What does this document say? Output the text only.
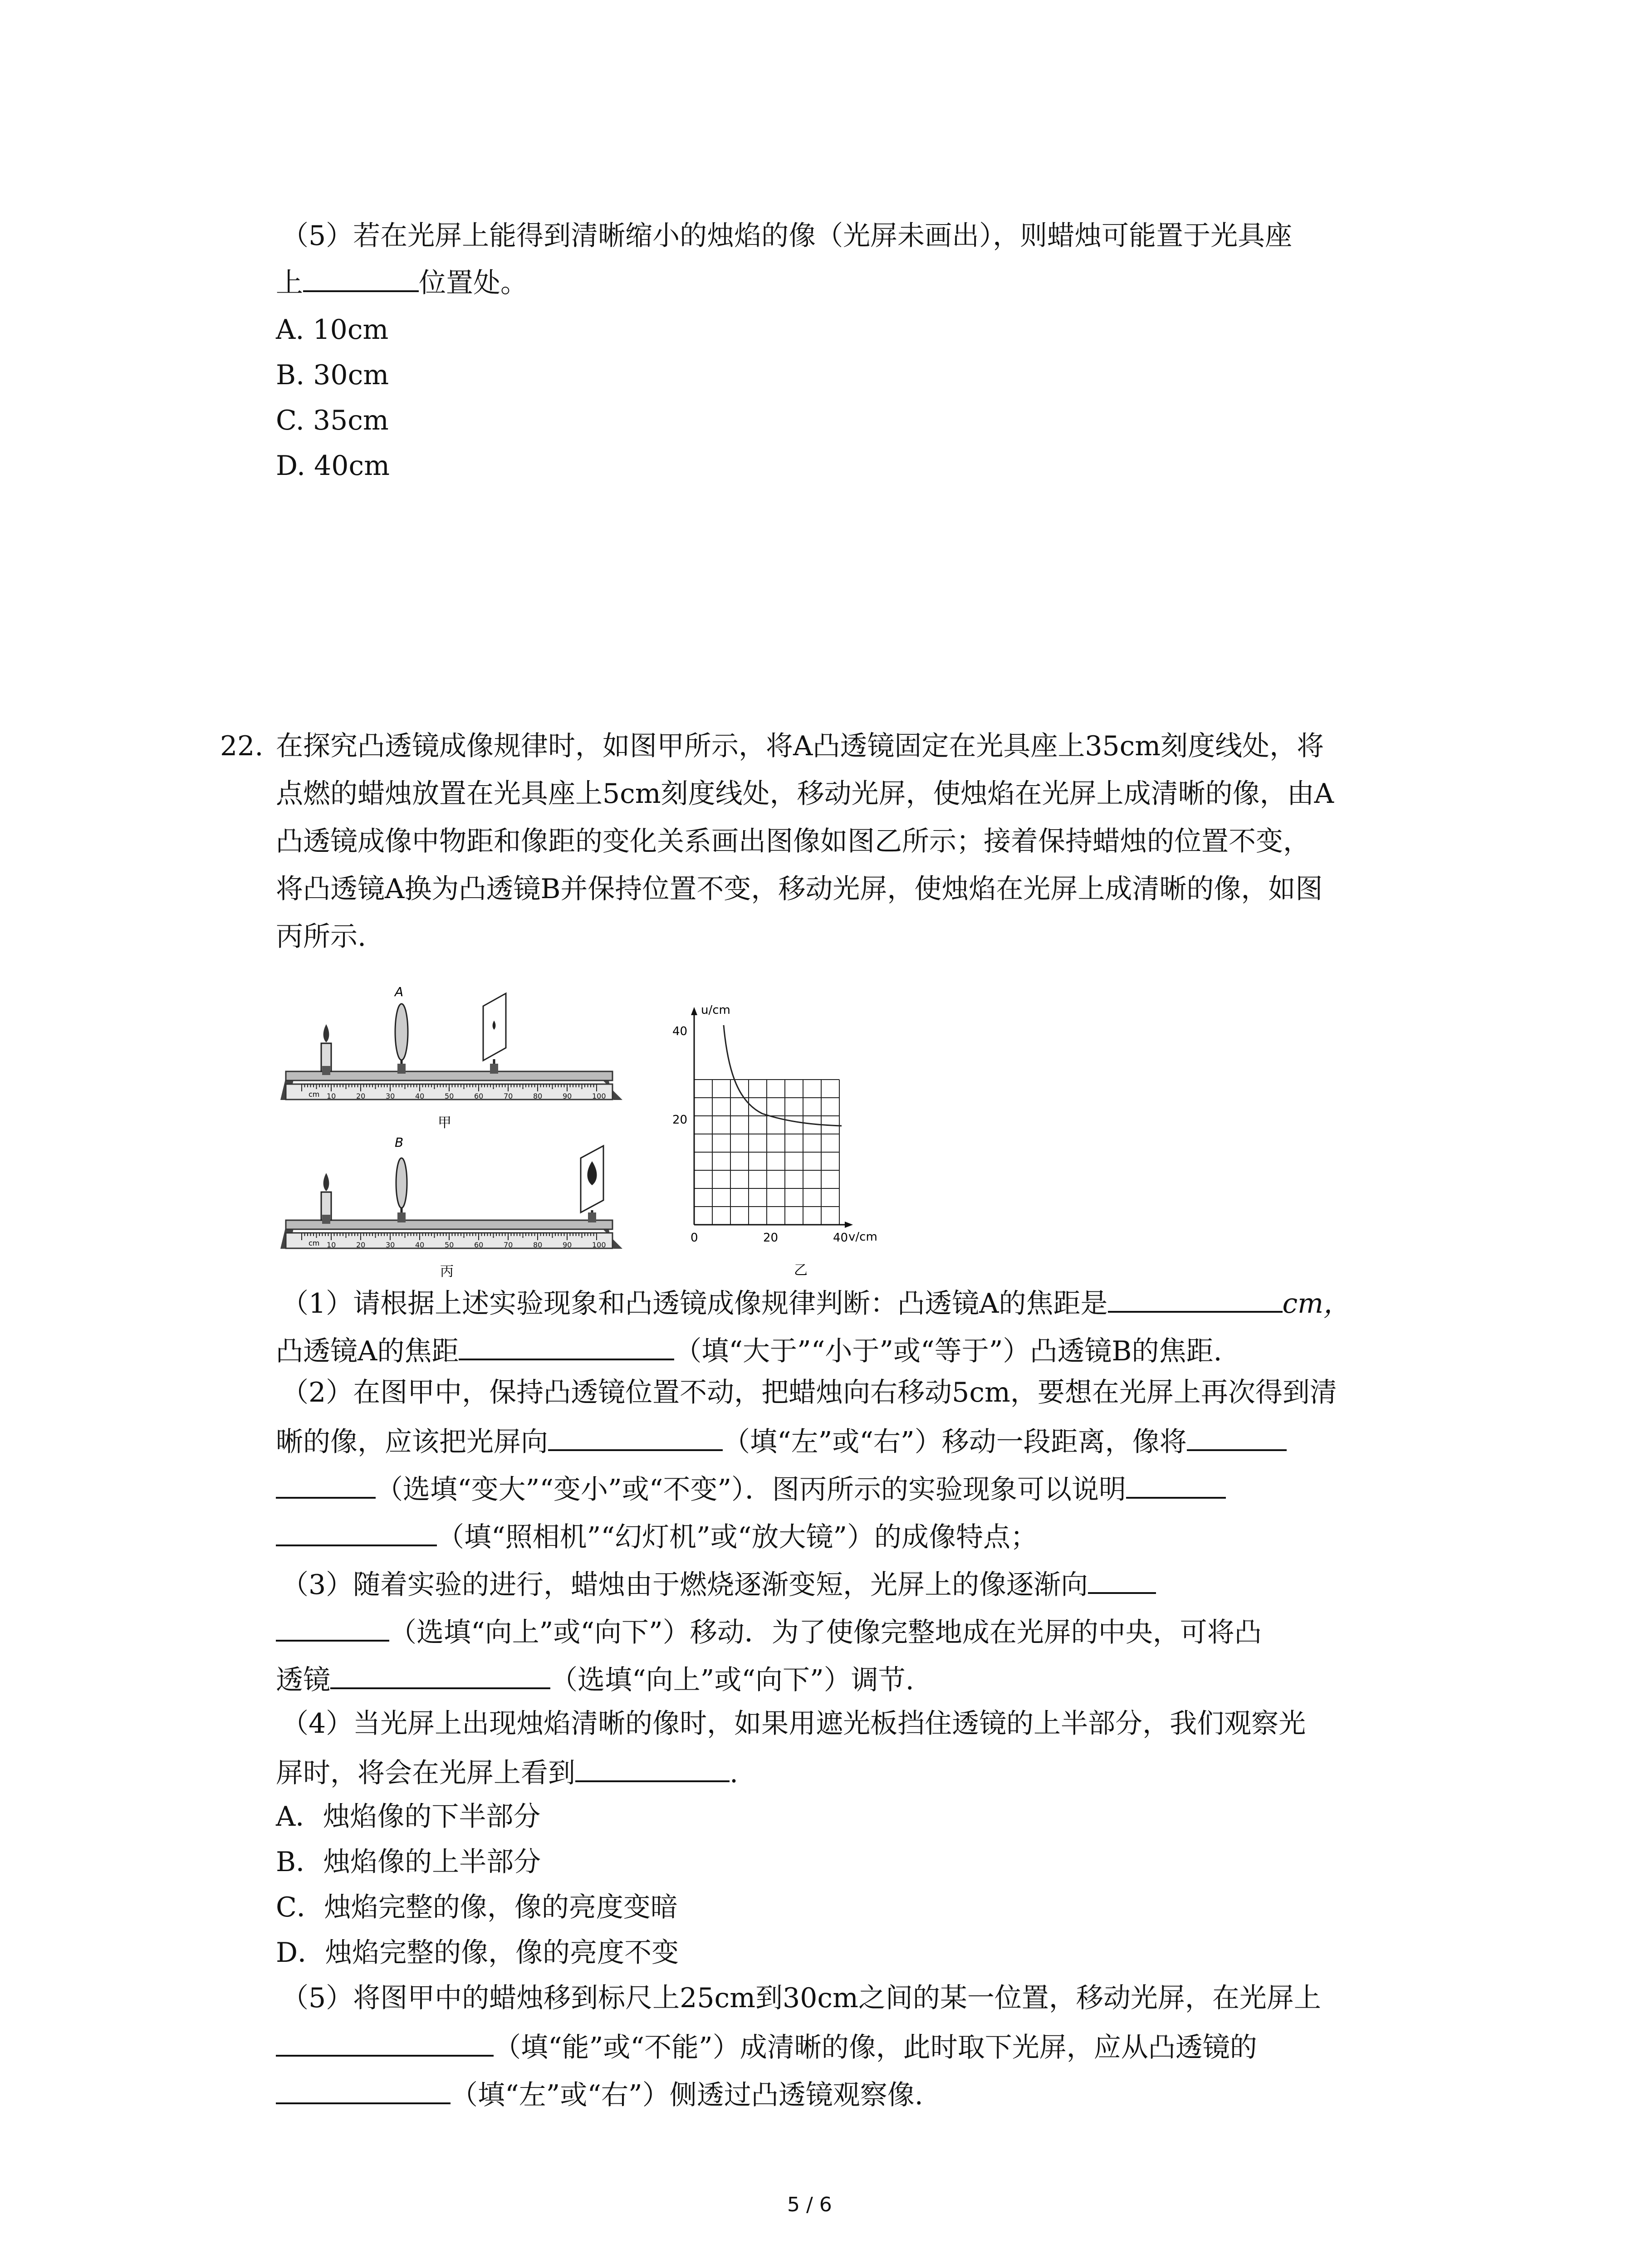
（5）若在光屏上能得到清晰缩小的烛焰的像（光屏未画出），则蜡烛可能置于光具座
上	位置处。
A. 10cm
B. 30cm
C. 35cm
D. 40cm
22. 在探究凸透镜成像规律时，如图甲所示，将A凸透镜固定在光具座上35cm刻度线处，将
点燃的蜡烛放置在光具座上5cm刻度线处，移动光屏，使烛焰在光屏上成清晰的像，由A
凸透镜成像中物距和像距的变化关系画出图像如图乙所示；接着保持蜡烛的位置不变，
将凸透镜A换为凸透镜B并保持位置不变，移动光屏，使烛焰在光屏上成清晰的像，如图
丙所示.
10	20	30	40	50	60	70	80	90	100
A
cm
甲
10	20	30	40	50	60	70	80	90	100
B
cm
丙
u/cm
v/cm
40
20
0	20	40
乙
（1）请根据上述实验现象和凸透镜成像规律判断：凸透镜A的焦距是	cm，
凸透镜A的焦距	（填“大于”“小于”或“等于”）凸透镜B的焦距.
（2）在图甲中，保持凸透镜位置不动，把蜡烛向右移动5cm，要想在光屏上再次得到清
晰的像，应该把光屏向	（填“左”或“右”）移动一段距离，像将
（选填“变大”“变小”或“不变”）．图丙所示的实验现象可以说明
（填“照相机”“幻灯机”或“放大镜”）的成像特点；
（3）随着实验的进行，蜡烛由于燃烧逐渐变短，光屏上的像逐渐向
（选填“向上”或“向下”）移动．为了使像完整地成在光屏的中央，可将凸
透镜	（选填“向上”或“向下”）调节.
（4）当光屏上出现烛焰清晰的像时，如果用遮光板挡住透镜的上半部分，我们观察光
屏时，将会在光屏上看到	.
A．烛焰像的下半部分
B．烛焰像的上半部分
C．烛焰完整的像，像的亮度变暗
D．烛焰完整的像，像的亮度不变
（5）将图甲中的蜡烛移到标尺上25cm到30cm之间的某一位置，移动光屏，在光屏上
（填“能”或“不能”）成清晰的像，此时取下光屏，应从凸透镜的
（填“左”或“右”）侧透过凸透镜观察像.
5 / 6
